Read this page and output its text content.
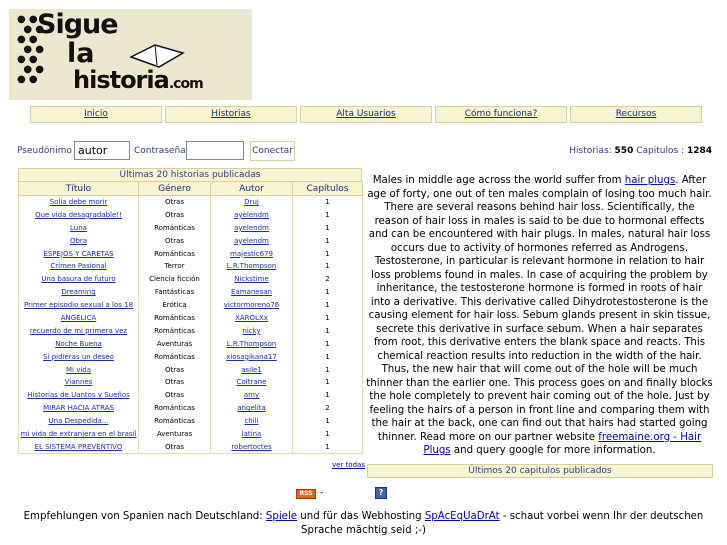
● ●
● ●
● ●
● ●
● ●
● ●
● ●
Sigue
la
historia.com
Inicio	Historias	Alta Usuarios	Cómo funciona?	Recursos
Pseudónimo
autor	Contraseña	Conectar	Historias: 550 Capitulos : 1284
Últimas 20 historias publicadas
Título	Género	Autor	Capítulos
Solia debe morir	Otras	Druj	1
Que vida desagradable!!	Otras	ayelendm	1
Luna	Románticas	ayelendm	1
Obra	Otras	ayelendm	1
ESPEJOS Y CARETAS	Románticas	majestic679	1
Crimen Pasional	Terror	L.R.Thompson	1
Una basura de futuro	Ciencia ficción	Nickstime	2
Dreaming	Fantásticas	Eamanesan	1
Primer episodio sexual a los 18	Erótica	victormoreno76	1
ANGELICA	Románticas	XAROLXx	1
recuerdo de mi primera vez	Románticas	nicky	1
Noche Buena	Aventuras	L.R.Thompson	1
Si pidieras un deseo	Románticas	xiosagikana17	1
Mi vida	Otras	asile1	1
Viannes	Otras	Coltrane	1
Historias de Uantos y Sueños	Otras	amy	1
MIRAR HACIA ATRAS	Románticas	angelita	2
Una Despedida...	Románticas	chili	1
mi vida de extranjera en el brasil	Aventuras	latina	1
EL SISTEMA PREVENTIVO	Otras	robertoctes	1
ver todas
Males in middle age across the world suffer from hair plugs. After age of forty, one out of ten males complain of losing too much hair. There are several reasons behind hair loss. Scientifically, the reason of hair loss in males is said to be due to hormonal effects and can be encountered with hair plugs. In males, natural hair loss occurs due to activity of hormones referred as Androgens. Testosterone, in particular is relevant hormone in relation to hair loss problems found in males. In case of acquiring the problem by inheritance, the testosterone hormone is formed in roots of hair into a derivative. This derivative called Dihydrotestosterone is the causing element for hair loss. Sebum glands present in skin tissue, secrete this derivative in surface sebum. When a hair separates from root, this derivative enters the blank space and reacts. This chemical reaction results into reduction in the width of the hair. Thus, the new hair that will come out of the hole will be much thinner than the earlier one. This process goes on and finally blocks the hole completely to prevent hair coming out of the hole. Just by feeling the hairs of a person in front line and comparing them with the hair at the back, one can find out that hairs had started going thinner. Read more on our partner website freemaine.org - Hair Plugs and query google for more information.
Últimos 20 capitulos publicados
RSS -	?
Empfehlungen von Spanien nach Deutschland: Spiele und für das Webhosting SpAcEqUaDrAt - schaut vorbei wenn Ihr der deutschen Sprache mächtig seid ;-)
